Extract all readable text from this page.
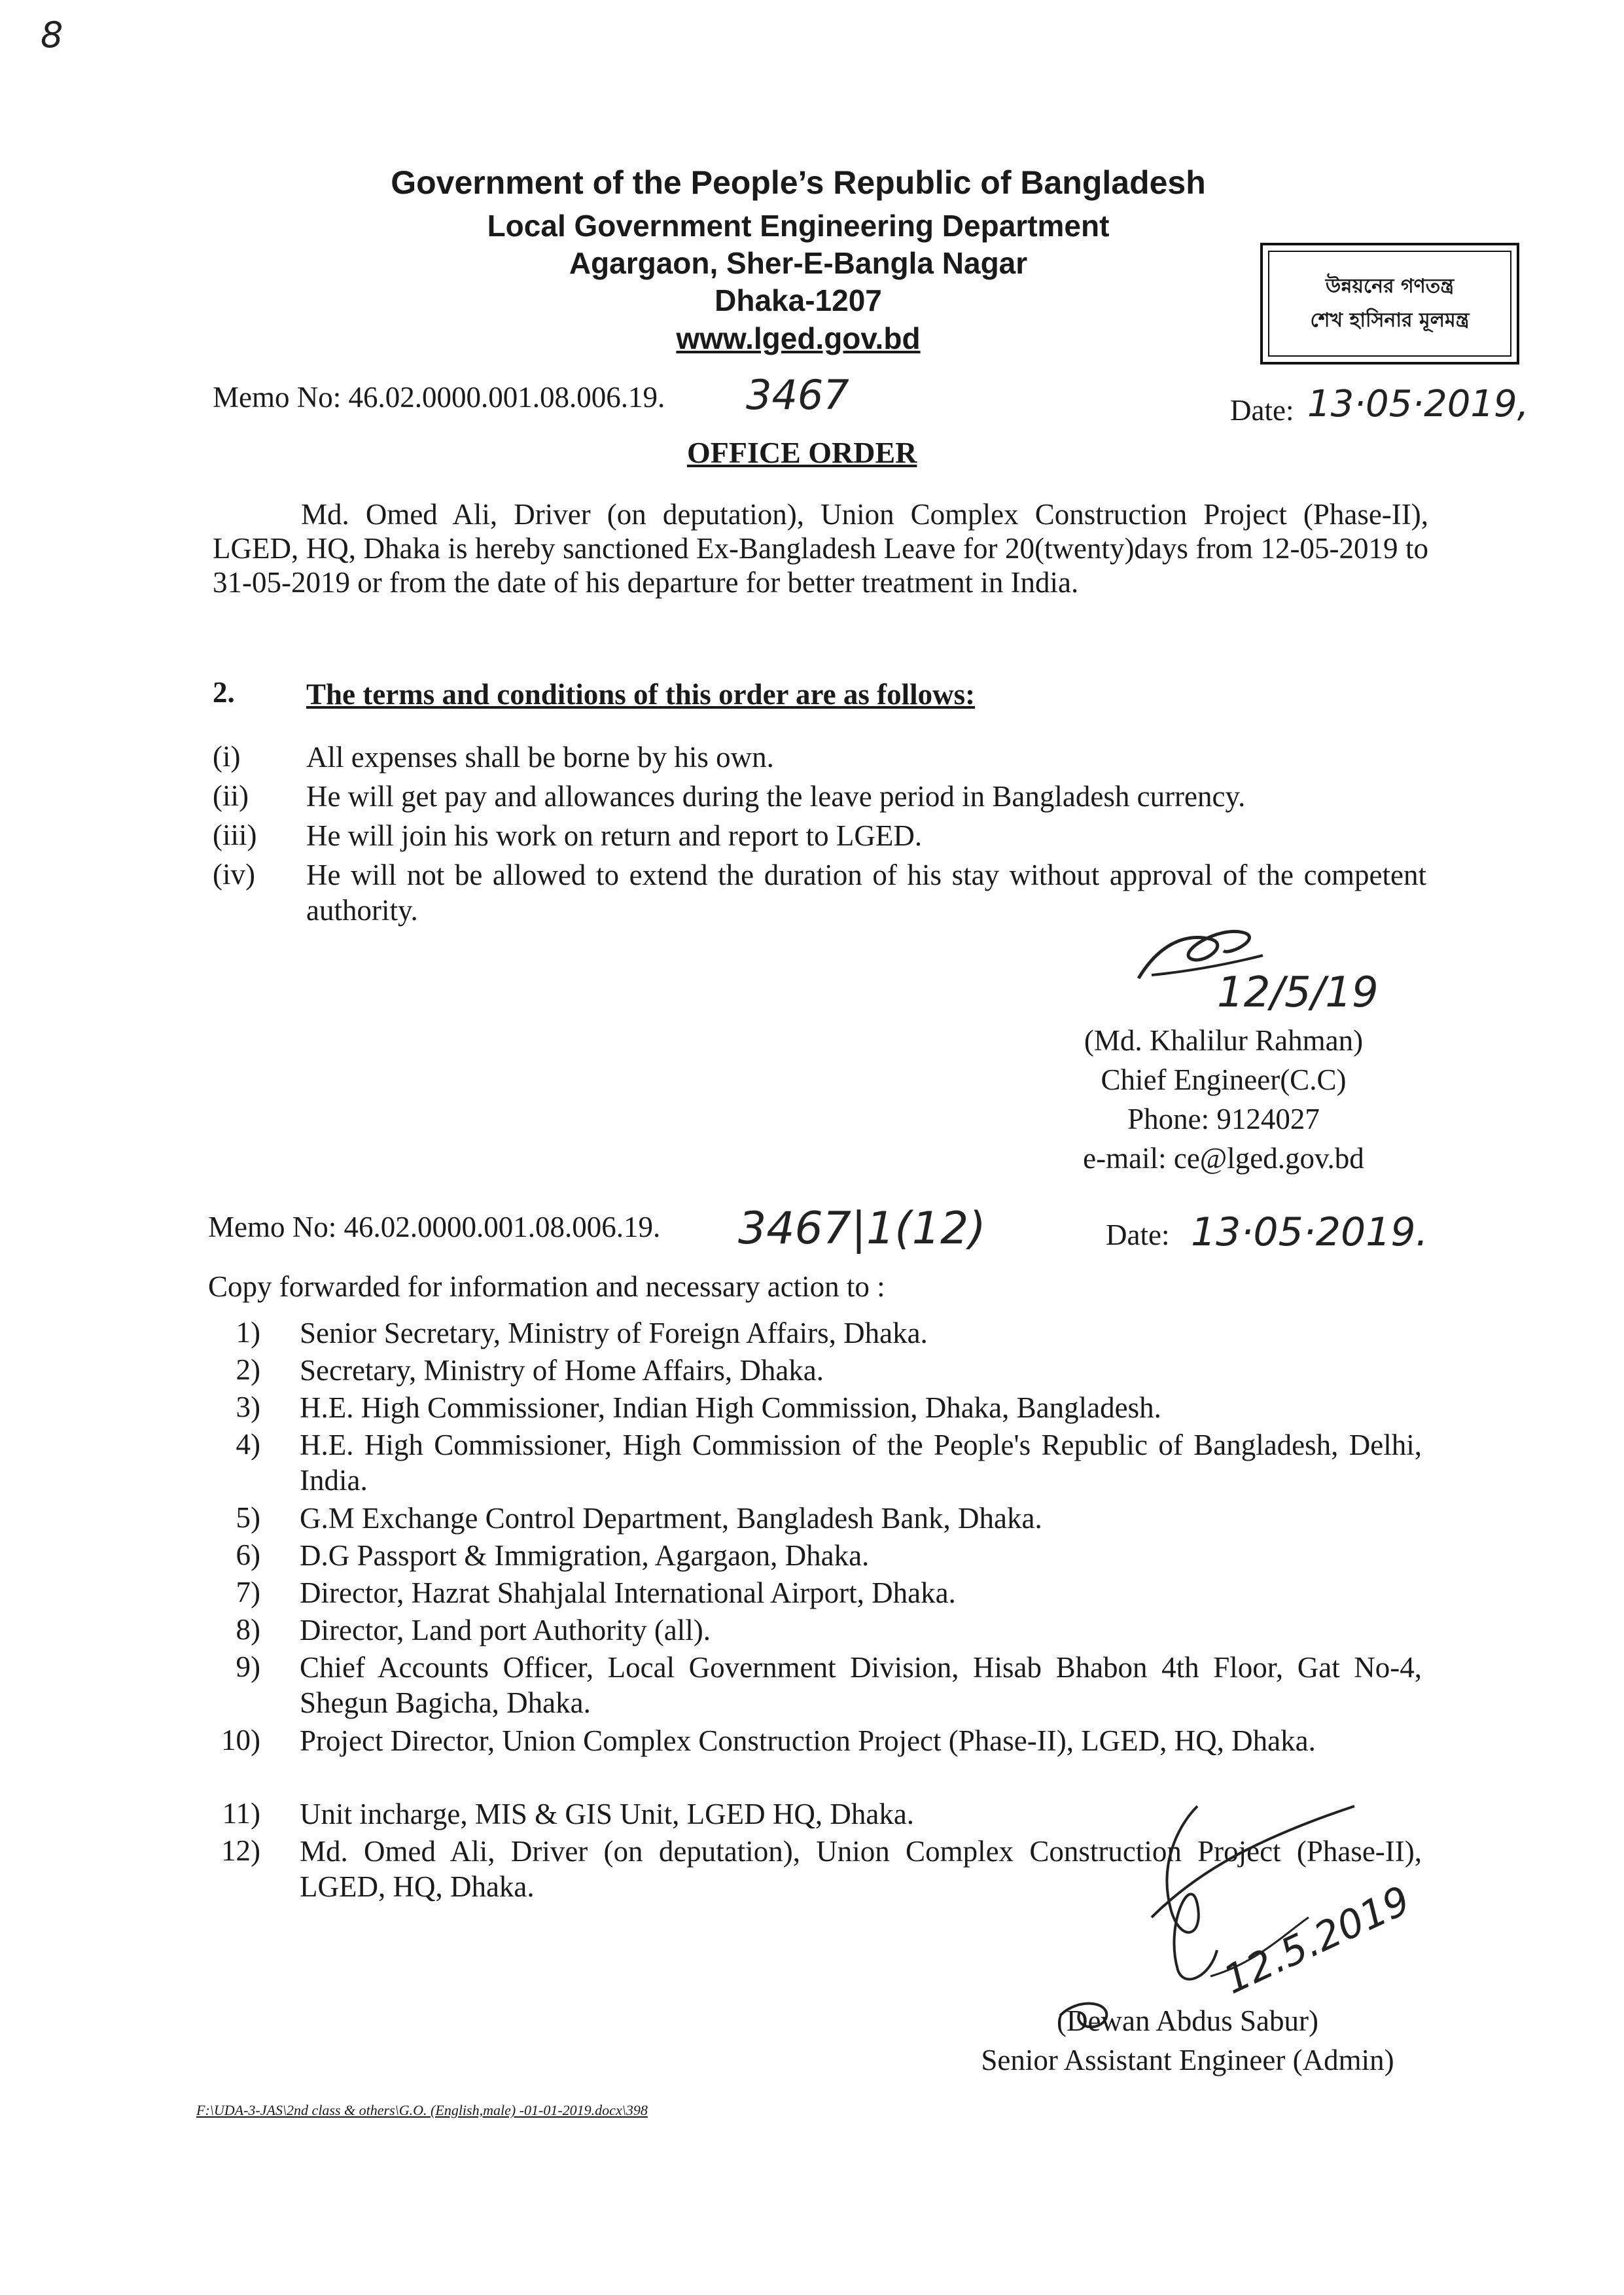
8
Government of the People’s Republic of Bangladesh
Local Government Engineering Department
Agargaon, Sher-E-Bangla Nagar
Dhaka-1207
www.lged.gov.bd
উন্নয়নের গণতন্ত্র
শেখ হাসিনার মূলমন্ত্র
Memo No: 46.02.0000.001.08.006.19. 3467	Date: 13·05·2019,
OFFICE ORDER
Md. Omed Ali, Driver (on deputation), Union Complex Construction Project (Phase-II), LGED, HQ, Dhaka is hereby sanctioned Ex-Bangladesh Leave for 20(twenty)days from 12-05-2019 to 31-05-2019 or from the date of his departure for better treatment in India.
2. The terms and conditions of this order are as follows:
(i) All expenses shall be borne by his own.
(ii) He will get pay and allowances during the leave period in Bangladesh currency.
(iii) He will join his work on return and report to LGED.
(iv) He will not be allowed to extend the duration of his stay without approval of the competent authority.
12/5/19
(Md. Khalilur Rahman)
Chief Engineer(C.C)
Phone: 9124027
e-mail: ce@lged.gov.bd
Memo No: 46.02.0000.001.08.006.19. 3467|1(12)	Date: 13·05·2019.
Copy forwarded for information and necessary action to :
1) Senior Secretary, Ministry of Foreign Affairs, Dhaka.
2) Secretary, Ministry of Home Affairs, Dhaka.
3) H.E. High Commissioner, Indian High Commission, Dhaka, Bangladesh.
4) H.E. High Commissioner, High Commission of the People's Republic of Bangladesh, Delhi, India.
5) G.M Exchange Control Department, Bangladesh Bank, Dhaka.
6) D.G Passport & Immigration, Agargaon, Dhaka.
7) Director, Hazrat Shahjalal International Airport, Dhaka.
8) Director, Land port Authority (all).
9) Chief Accounts Officer, Local Government Division, Hisab Bhabon 4th Floor, Gat No-4, Shegun Bagicha, Dhaka.
10) Project Director, Union Complex Construction Project (Phase-II), LGED, HQ, Dhaka.
11) Unit incharge, MIS & GIS Unit, LGED HQ, Dhaka.
12) Md. Omed Ali, Driver (on deputation), Union Complex Construction Project (Phase-II), LGED, HQ, Dhaka.	12.5.2019
(Dewan Abdus Sabur)
Senior Assistant Engineer (Admin)
F:\UDA-3-JAS\2nd class & others\G.O. (English,male) -01-01-2019.docx\398
